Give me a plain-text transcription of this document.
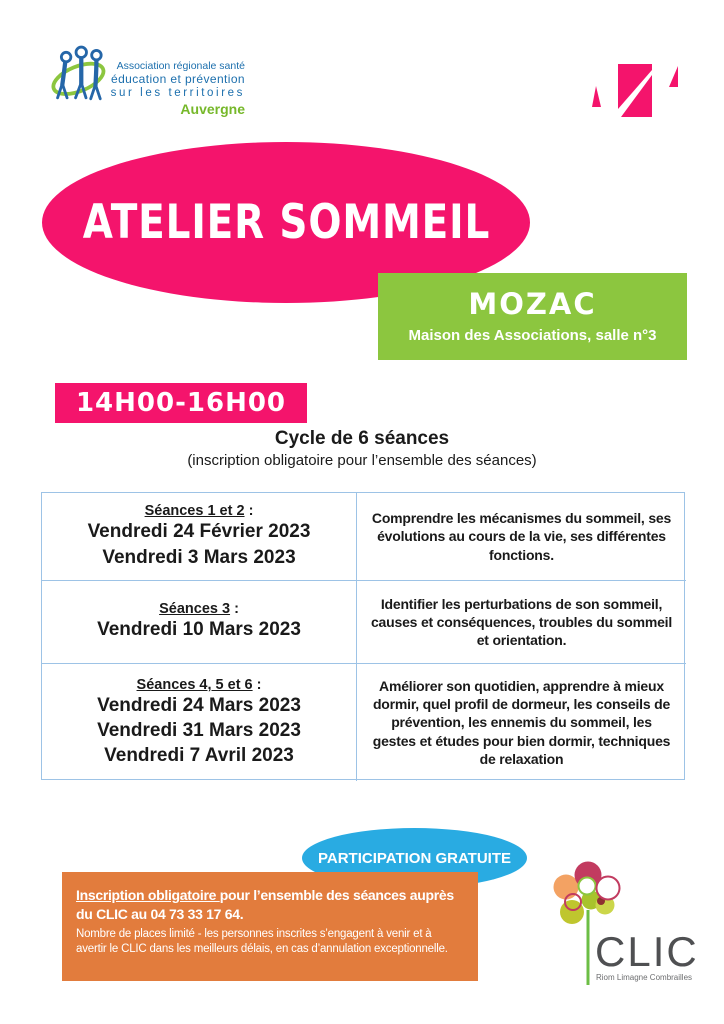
Association régionale santé
éducation et prévention
sur les territoires
Auvergne
ATELIER SOMMEIL
MOZAC
Maison des Associations, salle n°3
14H00-16H00
Cycle de 6 séances
(inscription obligatoire pour l’ensemble des séances)
Séances 1 et 2 :
Vendredi 24 Février 2023
Vendredi 3 Mars 2023
Comprendre les mécanismes du sommeil, ses évolutions au cours de la vie, ses différentes fonctions.
Séances 3 :
Vendredi 10 Mars 2023
Identifier les perturbations de son sommeil, causes et conséquences, troubles du sommeil et orientation.
Séances 4, 5 et 6 :
Vendredi 24 Mars 2023
Vendredi 31 Mars 2023
Vendredi 7 Avril 2023
Améliorer son quotidien, apprendre à mieux dormir, quel profil de dormeur, les conseils de prévention, les ennemis du sommeil, les gestes et études pour bien dormir, techniques de relaxation
PARTICIPATION GRATUITE

Inscription obligatoire pour l’ensemble des séances auprès du CLIC au 04 73 33 17 64.

Nombre de places limité - les personnes inscrites s’engagent à venir et à avertir le CLIC dans les meilleurs délais, en cas d’annulation exceptionnelle.	CLIC
Riom Limagne Combrailles
